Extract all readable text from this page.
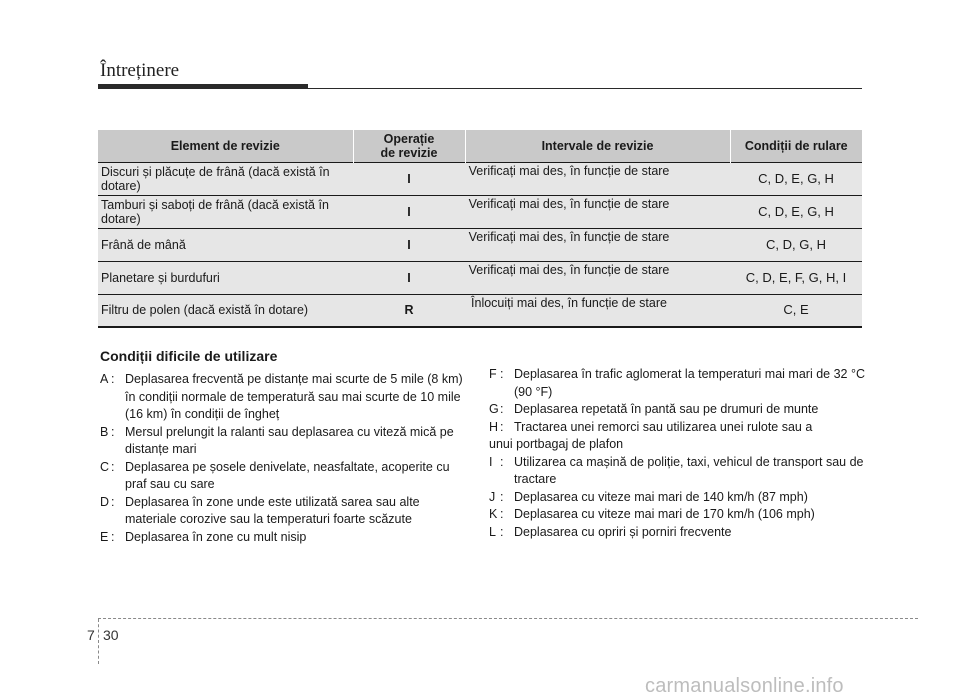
Întreținere
Element de revizie	Operație de revizie	Intervale de revizie	Condiții de rulare
Discuri și plăcuțe de frână (dacă există în dotare)	I	Verificați mai des, în funcție de stare	C, D, E, G, H
Tamburi și saboți de frână (dacă există în dotare)	I	Verificați mai des, în funcție de stare	C, D, E, G, H
Frână de mână	I	Verificați mai des, în funcție de stare	C, D, G, H
Planetare și burdufuri	I	Verificați mai des, în funcție de stare	C, D, E, F, G, H, I
Filtru de polen (dacă există în dotare)	R	Înlocuiți mai des, în funcție de stare	C, E
Condiții dificile de utilizare
A :	Deplasarea frecventă pe distanțe mai scurte de 5 mile (8 km) în condiții normale de temperatură sau mai scurte de 10 mile (16 km) în condiții de îngheț
B :	Mersul prelungit la ralanti sau deplasarea cu viteză mică pe distanțe mari
C :	Deplasarea pe șosele denivelate, neasfaltate, acoperite cu praf sau cu sare
D :	Deplasarea în zone unde este utilizată sarea sau alte materiale corozive sau la temperaturi foarte scăzute
E :	Deplasarea în zone cu mult nisip
F :	Deplasarea în trafic aglomerat la temperaturi mai mari de 32 °C (90 °F)
G :	Deplasarea repetată în pantă sau pe drumuri de munte
H :	Tractarea unei remorci sau utilizarea unei rulote sau a
unui portbagaj de plafon
I :	Utilizarea ca mașină de poliție, taxi, vehicul de transport sau de tractare
J :	Deplasarea cu viteze mai mari de 140 km/h (87 mph)
K :	Deplasarea cu viteze mai mari de 170 km/h (106 mph)
L :	Deplasarea cu opriri și porniri frecvente
7 30
carmanualsonline.info
